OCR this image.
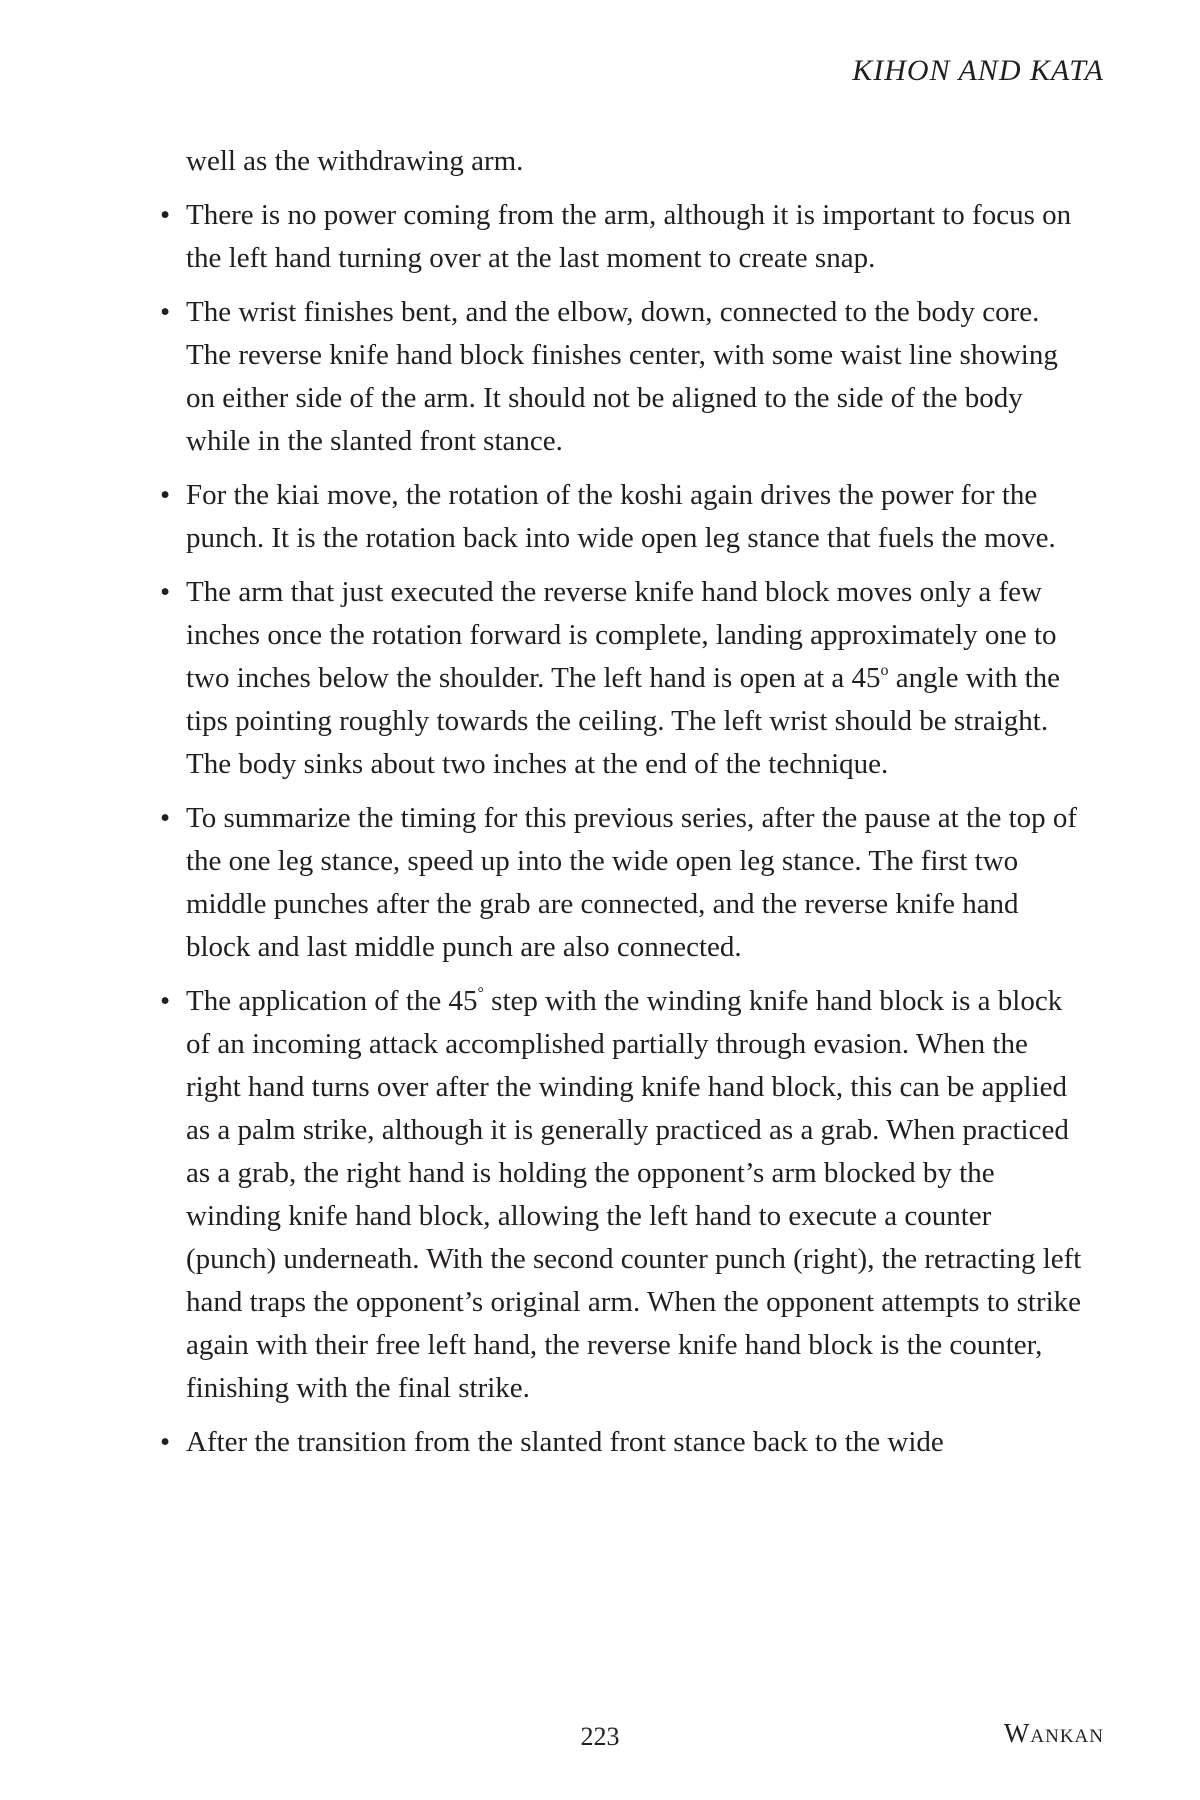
KIHON AND KATA

well as the withdrawing arm.

• There is no power coming from the arm, although it is important to focus on the left hand turning over at the last moment to create snap.
• The wrist finishes bent, and the elbow, down, connected to the body core. The reverse knife hand block finishes center, with some waist line showing on either side of the arm. It should not be aligned to the side of the body while in the slanted front stance.
• For the kiai move, the rotation of the koshi again drives the power for the punch. It is the rotation back into wide open leg stance that fuels the move.
• The arm that just executed the reverse knife hand block moves only a few inches once the rotation forward is complete, landing approximately one to two inches below the shoulder. The left hand is open at a 45$^o$ angle with the tips pointing roughly towards the ceiling. The left wrist should be straight. The body sinks about two inches at the end of the technique.
• To summarize the timing for this previous series, after the pause at the top of the one leg stance, speed up into the wide open leg stance. The first two middle punches after the grab are connected, and the reverse knife hand block and last middle punch are also connected.
• The application of the 45° step with the winding knife hand block is a block of an incoming attack accomplished partially through evasion. When the right hand turns over after the winding knife hand block, this can be applied as a palm strike, although it is generally practiced as a grab. When practiced as a grab, the right hand is holding the opponent’s arm blocked by the winding knife hand block, allowing the left hand to execute a counter (punch) underneath. With the second counter punch (right), the retracting left hand traps the opponent’s original arm. When the opponent attempts to strike again with their free left hand, the reverse knife hand block is the counter, finishing with the final strike.
• After the transition from the slanted front stance back to the wide
223	Wankan
